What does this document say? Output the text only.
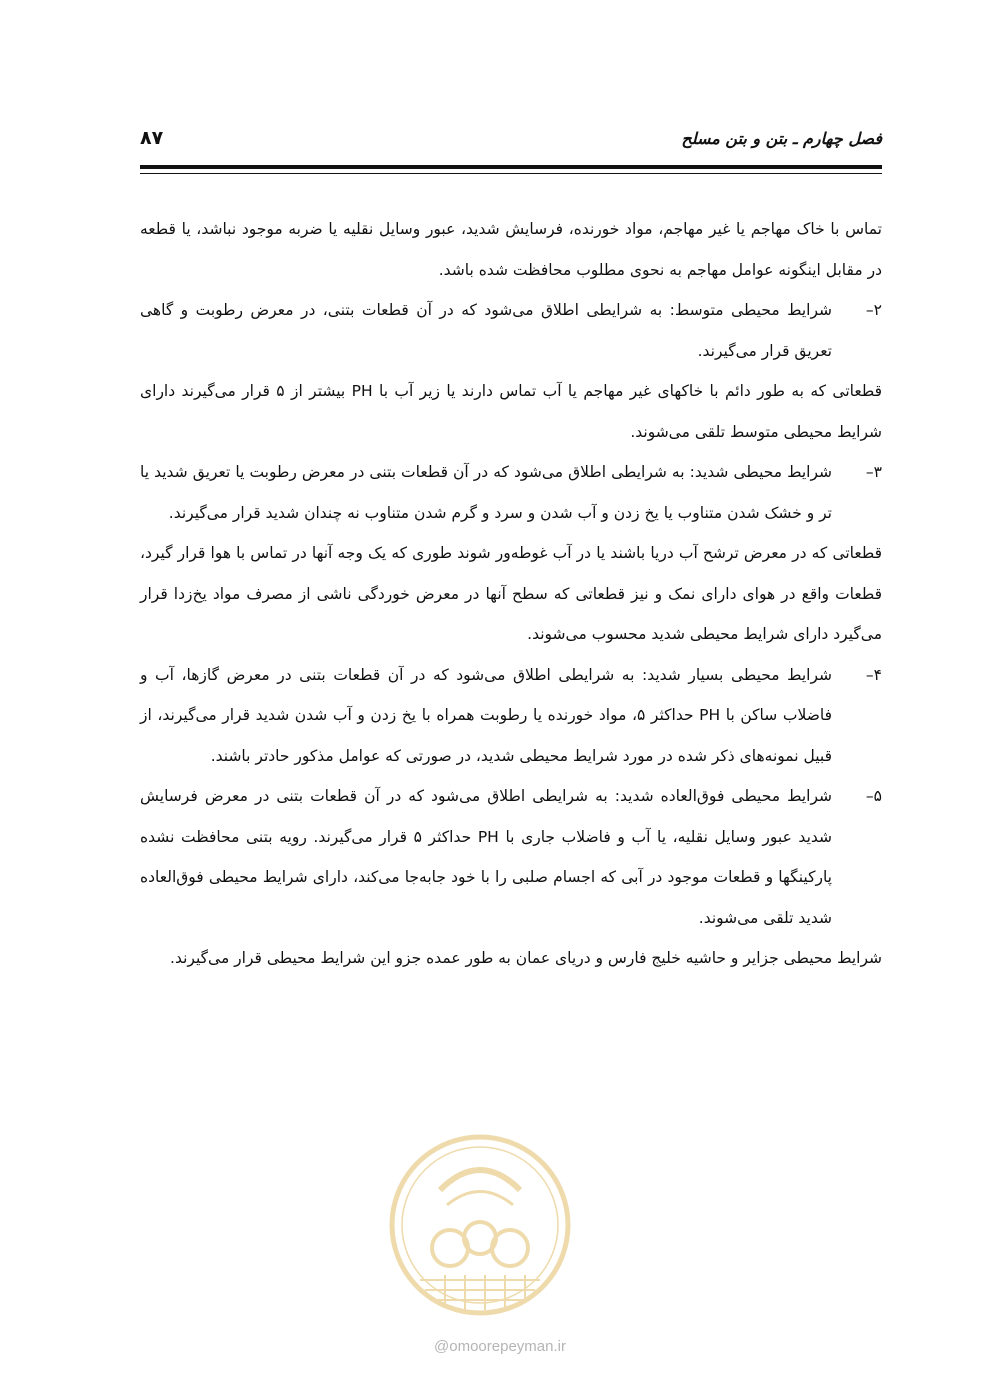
فصل چهارم ـ بتن و بتن مسلح
۸۷

تماس با خاک مهاجم یا غیر مهاجم، مواد خورنده، فرسایش شدید، عبور وسایل نقلیه یا ضربه موجود نباشد، یا قطعه در مقابل اینگونه عوامل مهاجم به نحوی مطلوب محافظت شده باشد.

۲–

شرایط محیطی متوسط: به شرایطی اطلاق می‌شود که در آن قطعات بتنی، در معرض رطوبت و گاهی تعریق قرار می‌گیرند.

قطعاتی که به طور دائم با خاکهای غیر مهاجم یا آب تماس دارند یا زیر آب با PH بیشتر از ۵ قرار می‌گیرند دارای شرایط محیطی متوسط تلقی می‌شوند.

۳–

شرایط محیطی شدید: به شرایطی اطلاق می‌شود که در آن قطعات بتنی در معرض رطوبت یا تعریق شدید یا تر و خشک شدن متناوب یا یخ زدن و آب شدن و سرد و گرم شدن متناوب نه چندان شدید قرار می‌گیرند.

قطعاتی که در معرض ترشح آب دریا باشند یا در آب غوطه‌ور شوند طوری که یک وجه آنها در تماس با هوا قرار گیرد، قطعات واقع در هوای دارای نمک و نیز قطعاتی که سطح آنها در معرض خوردگی ناشی از مصرف مواد یخ‌زدا قرار می‌گیرد دارای شرایط محیطی شدید محسوب می‌شوند.

۴–

شرایط محیطی بسیار شدید: به شرایطی اطلاق می‌شود که در آن قطعات بتنی در معرض گازها، آب و فاضلاب ساکن با PH حداکثر ۵، مواد خورنده یا رطوبت همراه با یخ زدن و آب شدن شدید قرار می‌گیرند، از قبیل نمونه‌های ذکر شده در مورد شرایط محیطی شدید، در صورتی که عوامل مذکور حادتر باشند.

۵–

شرایط محیطی فوق‌العاده شدید: به شرایطی اطلاق می‌شود که در آن قطعات بتنی در معرض فرسایش شدید عبور وسایل نقلیه، یا آب و فاضلاب جاری با PH حداکثر ۵ قرار می‌گیرند. رویه بتنی محافظت نشده پارکینگها و قطعات موجود در آبی که اجسام صلبی را با خود جابه‌جا می‌کند، دارای شرایط محیطی فوق‌العاده شدید تلقی می‌شوند.

شرایط محیطی جزایر و حاشیه خلیج فارس و دریای عمان به طور عمده جزو این شرایط محیطی قرار می‌گیرند.

@omoorepeyman.ir
